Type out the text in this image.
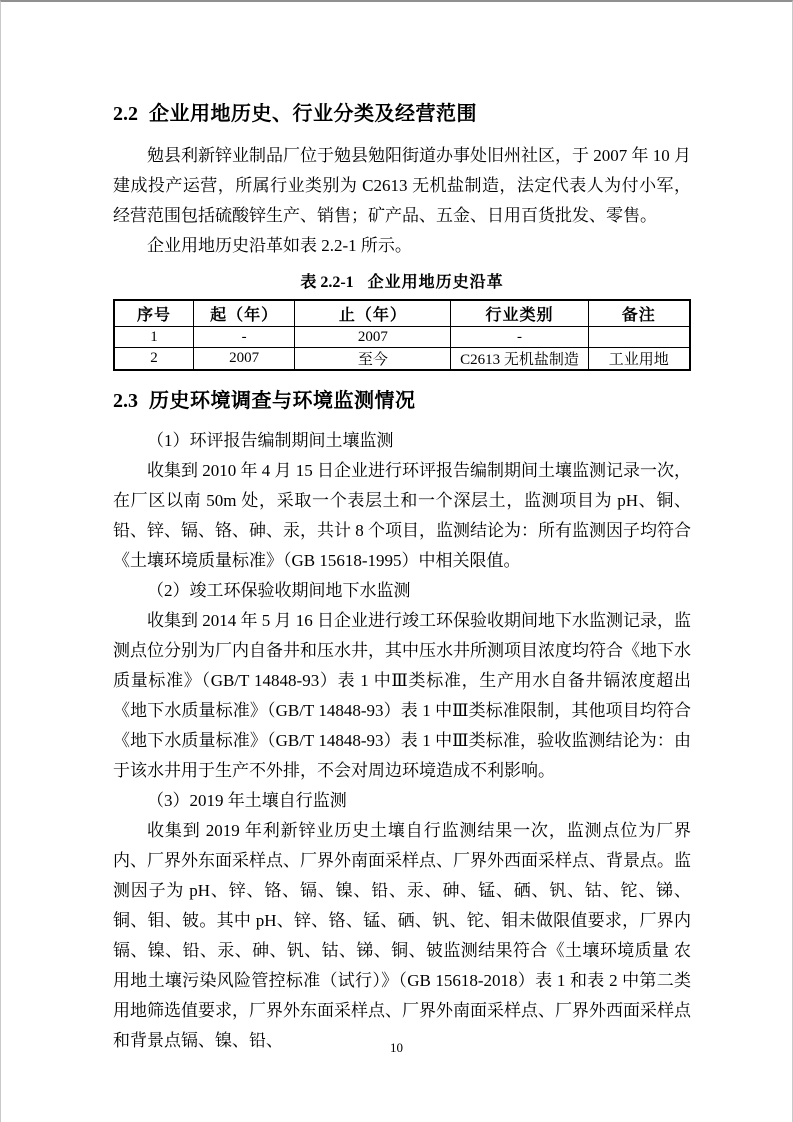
2.2 企业用地历史、行业分类及经营范围

勉县利新锌业制品厂位于勉县勉阳街道办事处旧州社区，于 2007 年 10 月建成投产运营，所属行业类别为 C2613 无机盐制造，法定代表人为付小军，经营范围包括硫酸锌生产、销售；矿产品、五金、日用百货批发、零售。

企业用地历史沿革如表 2.2-1 所示。

表 2.2-1 企业用地历史沿革
序号	起（年）	止（年）	行业类别	备注
1	-	2007	-	
2	2007	至今	C2613 无机盐制造	工业用地
2.3 历史环境调查与环境监测情况

（1）环评报告编制期间土壤监测

收集到 2010 年 4 月 15 日企业进行环评报告编制期间土壤监测记录一次，在厂区以南 50m 处，采取一个表层土和一个深层土，监测项目为 pH、铜、铅、锌、镉、铬、砷、汞，共计 8 个项目，监测结论为：所有监测因子均符合《土壤环境质量标准》（GB 15618-1995）中相关限值。

（2）竣工环保验收期间地下水监测

收集到 2014 年 5 月 16 日企业进行竣工环保验收期间地下水监测记录，监测点位分别为厂内自备井和压水井，其中压水井所测项目浓度均符合《地下水质量标准》（GB/T 14848-93）表 1 中Ⅲ类标准，生产用水自备井镉浓度超出《地下水质量标准》（GB/T 14848-93）表 1 中Ⅲ类标准限制，其他项目均符合《地下水质量标准》（GB/T 14848-93）表 1 中Ⅲ类标准，验收监测结论为：由于该水井用于生产不外排，不会对周边环境造成不利影响。

（3）2019 年土壤自行监测

收集到 2019 年利新锌业历史土壤自行监测结果一次，监测点位为厂界内、厂界外东面采样点、厂界外南面采样点、厂界外西面采样点、背景点。监测因子为 pH、锌、铬、镉、镍、铅、汞、砷、锰、硒、钒、钴、铊、锑、铜、钼、铍。其中 pH、锌、铬、锰、硒、钒、铊、钼未做限值要求，厂界内镉、镍、铅、汞、砷、钒、钴、锑、铜、铍监测结果符合《土壤环境质量 农用地土壤污染风险管控标准（试行）》（GB 15618-2018）表 1 和表 2 中第二类用地筛选值要求，厂界外东面采样点、厂界外南面采样点、厂界外西面采样点和背景点镉、镍、铅、	10
